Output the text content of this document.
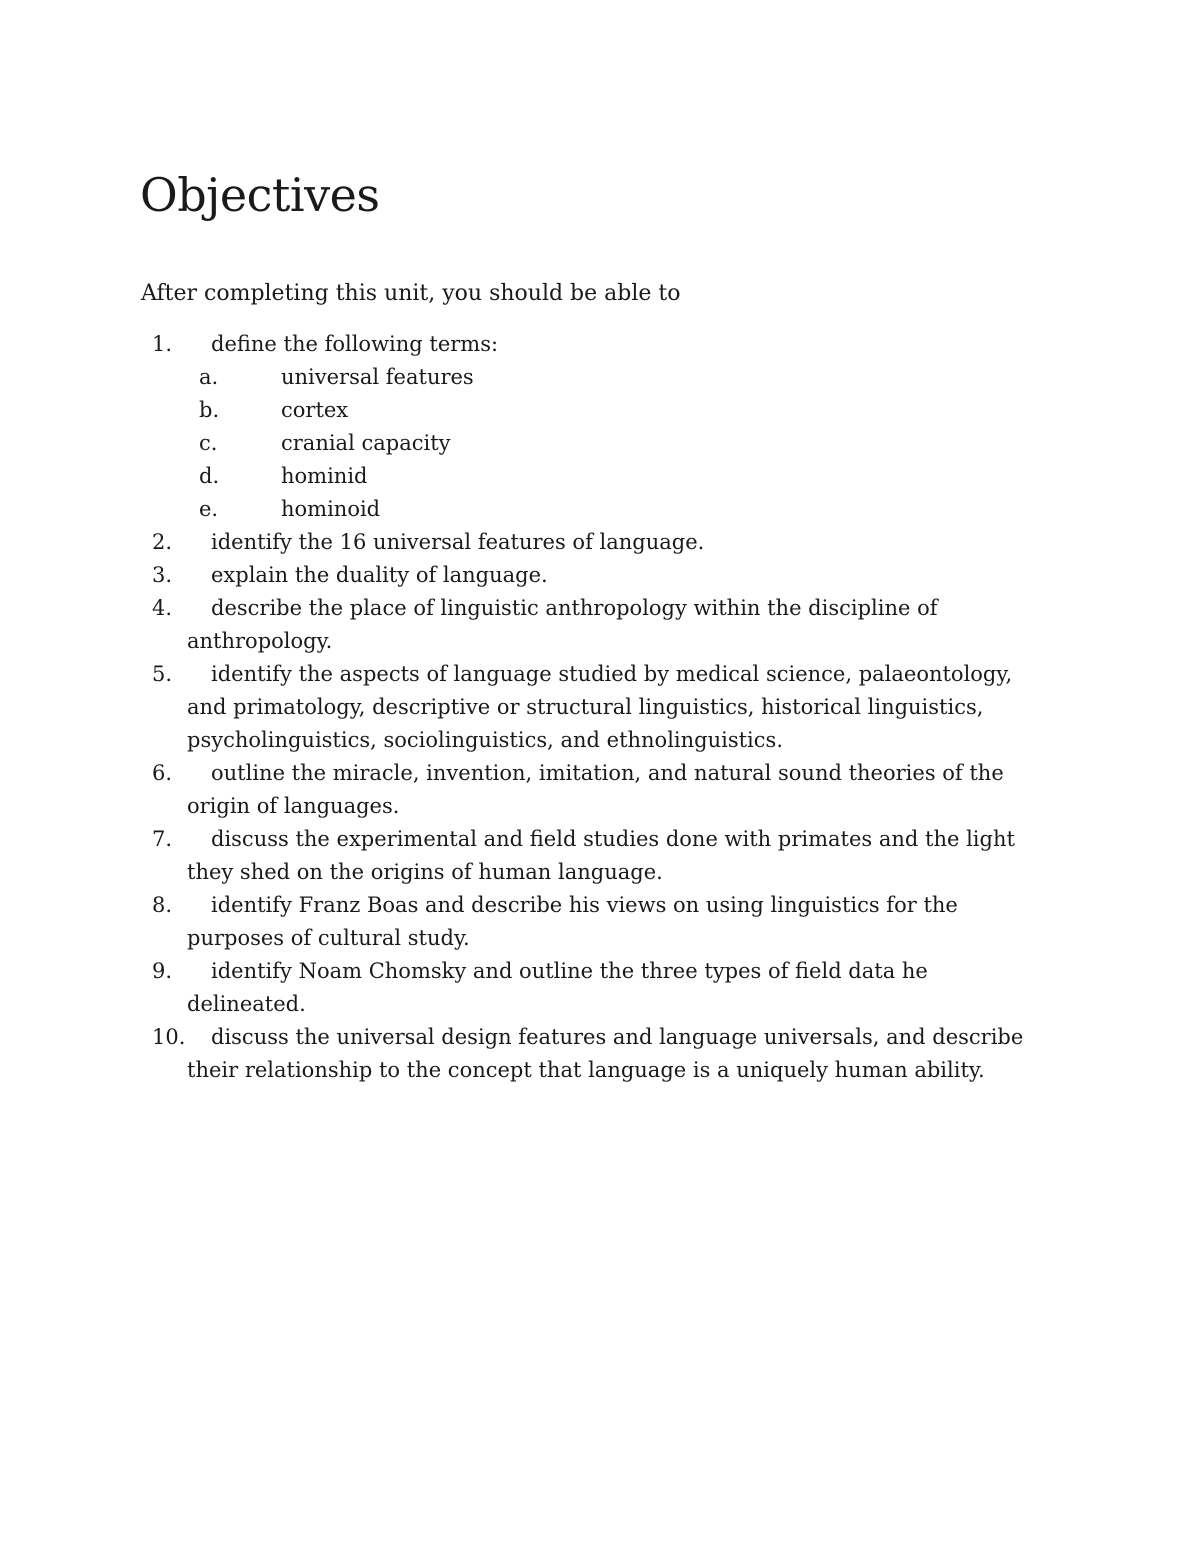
Objectives

After completing this unit, you should be able to

1.	define the following terms:
a.	universal features
b.	cortex
c.	cranial capacity
d.	hominid
e.	hominoid
2.	identify the 16 universal features of language.
3.	explain the duality of language.
4.	describe the place of linguistic anthropology within the discipline of anthropology.
5.	identify the aspects of language studied by medical science, palaeontology, and primatology, descriptive or structural linguistics, historical linguistics, psycholinguistics, sociolinguistics, and ethnolinguistics.
6.	outline the miracle, invention, imitation, and natural sound theories of the origin of languages.
7.	discuss the experimental and field studies done with primates and the light they shed on the origins of human language.
8.	identify Franz Boas and describe his views on using linguistics for the purposes of cultural study.
9.	identify Noam Chomsky and outline the three types of field data he delineated.
10.	discuss the universal design features and language universals, and describe their relationship to the concept that language is a uniquely human ability.
